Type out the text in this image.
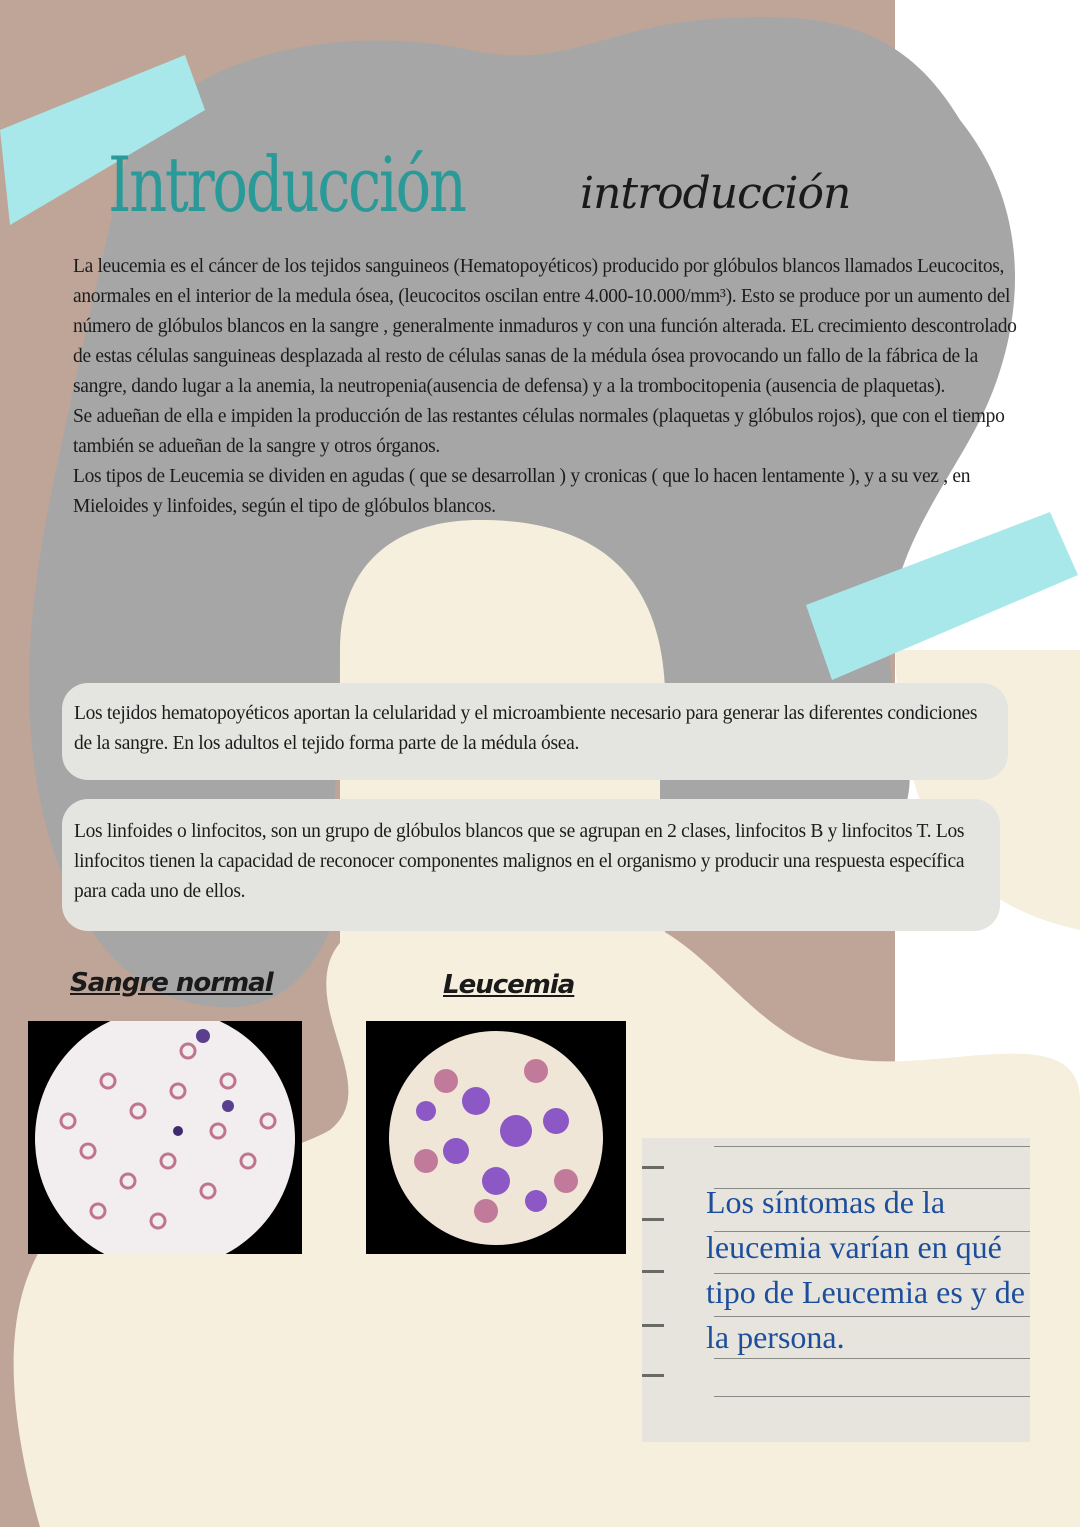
Introducción	introducción

La leucemia es el cáncer de los tejidos sanguineos (Hematopoyéticos) producido por glóbulos blancos llamados Leucocitos, anormales en el interior de la medula ósea, (leucocitos oscilan entre 4.000-10.000/mm³). Esto se produce por un aumento del número de glóbulos blancos en la sangre , generalmente inmaduros y con una función alterada. EL crecimiento descontrolado de estas células sanguineas desplazada al resto de células sanas de la médula ósea provocando un fallo de la fábrica de la sangre, dando lugar a la anemia, la neutropenia(ausencia de defensa) y a la trombocitopenia (ausencia de plaquetas).

Se adueñan de ella e impiden la producción de las restantes células normales (plaquetas y glóbulos rojos), que con el tiempo también se adueñan de la sangre y otros órganos.

Los tipos de Leucemia se dividen en agudas ( que se desarrollan ) y cronicas ( que lo hacen lentamente ), y a su vez , en Mieloides y linfoides, según el tipo de glóbulos blancos.

Los tejidos hematopoyéticos aportan la celularidad y el microambiente necesario para generar las diferentes condiciones de la sangre. En los adultos el tejido forma parte de la médula ósea.
Los linfoides o linfocitos, son un grupo de glóbulos blancos que se agrupan en 2 clases, linfocitos B y linfocitos T. Los linfocitos tienen la capacidad de reconocer componentes malignos en el organismo y producir una respuesta específica para cada uno de ellos.
Sangre normal	Leucemia
Los síntomas de la leucemia varían en qué tipo de Leucemia es y de la persona.
